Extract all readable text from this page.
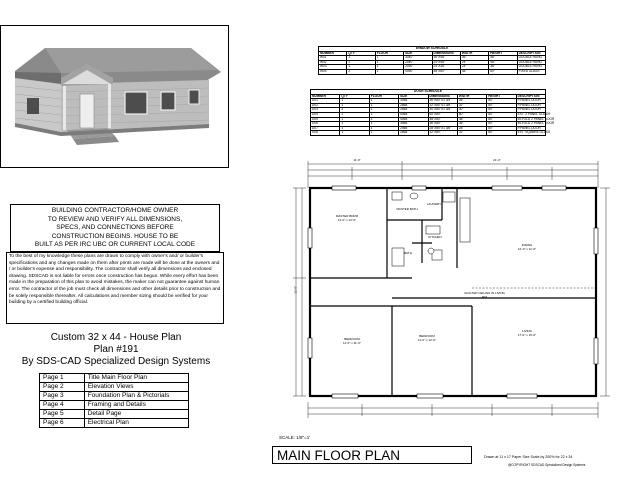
BUILDING CONTRACTOR/HOME OWNER
TO REVIEW AND VERIFY ALL DIMENSIONS,
SPECS, AND CONNECTIONS BEFORE
CONSTRUCTION BEGINS. HOUSE TO BE
BUILT AS PER IRC UBC OR CURRENT LOCAL CODE
To the best of my knowledge these plans are drawn to comply with owner's and/ or builder's specifications and any changes made on them after prints are made will be done at the owners and / or builder's expense and responsibility. The contractor shall verify all dimensions and enclosed drawing. SDSCAD is not liable for errors once construction has begun. While every effort has been made in the preparation of this plan to avoid mistakes, the maker can not guarantee against human error. The contractor of the job must check all dimensions and other details prior to construction and be solely responsible thereafter. All calculations and member sizing should be verified for your building by a certified building official.
Custom 32 x 44 - House Plan
Plan #191
By SDS-CAD Specialized Design Systems
Page 1	Title Main Floor Plan
Page 2	Elevation Views
Page 3	Foundation Plan & Pictorials
Page 4	Framing and Details
Page 5	Detail Page
Page 6	Electrical Plan
WINDOW SCHEDULE							
NUMBER	QTY	FLOOR	SIZE	DIMENSIONS	WIDTH	HEIGHT	DESCRIPTION
W01	1	1	3040	36"X48"	36"	48"	DOUBLE HUNG
W02	2	1	2040	24"X48"	24"	48"	DOUBLE HUNG
W03	1	1	2030	24"X36"	24"	36"	DOUBLE HUNG
W04	2	1	4050	48"X60"	48"	60"	FIXED GLASS
DOOR SCHEDULE							
NUMBER	QTY	FLOOR	SIZE	DIMENSIONS	WIDTH	HEIGHT	DESCRIPTION
D01	1	1	3068	36"X80"X1 3/4"	36"	80"	P.PANEL DOOR
D02	1	1	2868	32"X80"X1 3/8"	32"	80"	P.PANEL DOOR
D03	3	1	2668	30"X80"X1 3/8"	30"	80"	P.PANEL DOOR
D04	1	1	5068	60"X80"	60"	80"	EXT. 2 PANEL SLIDER
D05	1	1	4068	48"X80"	48"	80"	BI-FOLD 2 PANEL DOOR
D06	1	1	3068	36"X80"	36"	80"	BI-FOLD 2 PANEL DOOR
D07	1	1	2468	28"X80"X1 3/8"	28"	80"	P.PANEL DOOR
D08	1	1	2868	32"X80"	32"	80"	EXT. SQUARE GLASS
11'-0"	21'-0"
32'-0"
MASTER BDRM
14'-0" x 12'-0"
MASTER BATH
LAUNDRY
KITCHEN
DINING
12'-0" x 11'-0"
BATH
VAULTED CEILING IN LIVING RM
BEDROOM
11'-0" x 11'-0"
BEDROOM
11'-0" x 12'-0"
LIVING
17'-0" x 15'-0"
SCALE: 1/8"=1'
MAIN FLOOR PLAN	Drawn at 11 x 17 Paper Size Scale by 200% for 22 x 34
@COPYRIGHT SDSCAD Specialized Design Systems
